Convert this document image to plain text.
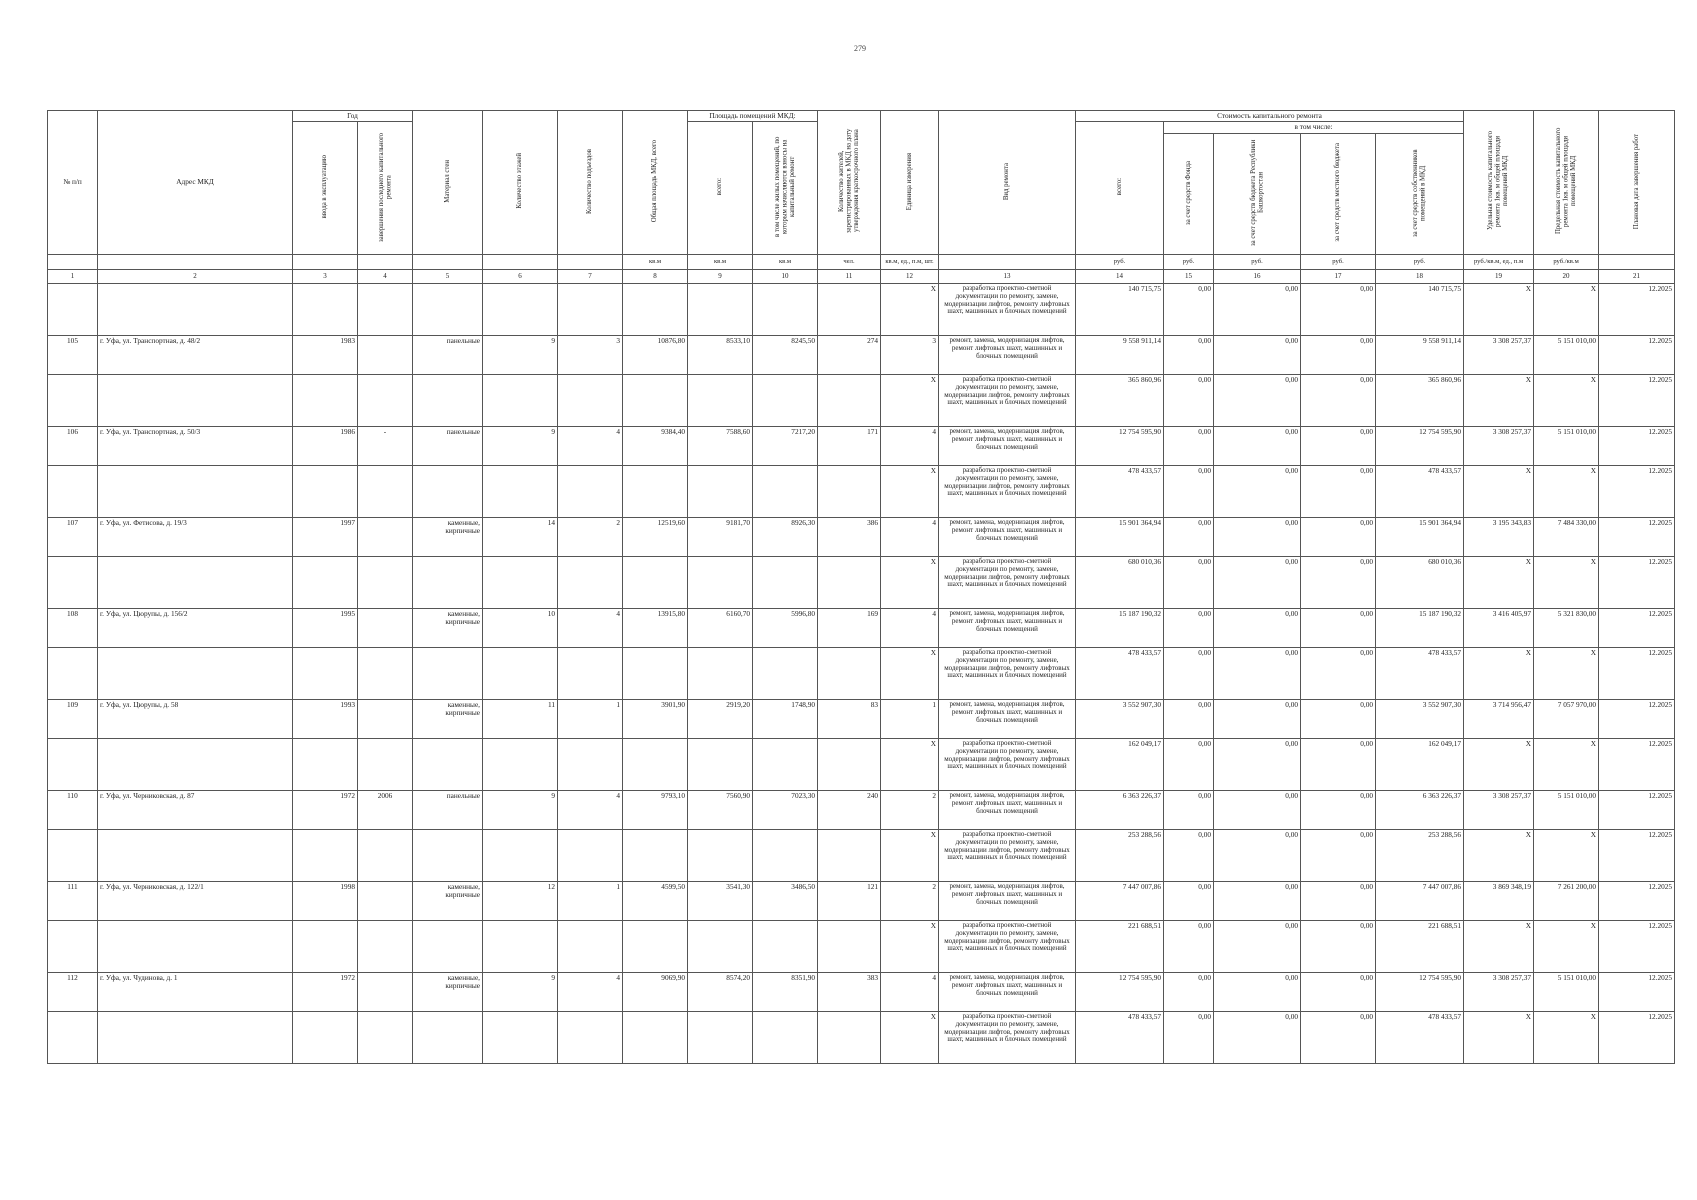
279
№ п/п	Адрес МКД	Год		Материал стен	Количество этажей	Количество подъездов	Общая площадь МКД, всего	Площадь помещений МКД:		Количество жителей, зарегистрированных в МКД на дату утверждения краткосрочного плана	Единица измерения	Вид ремонта	Стоимость капитального ремонта					Удельная стоимость капитального ремонта 1кв. м общей площади помещений МКД	Предельная стоимость капитального ремонта 1кв. м общей площади помещений МКД	Плановая дата завершения работ
		ввода в эксплуатацию	завершения последнего капитального ремонта					всего:	в том числе жилых помещений, по которым начисляются взносы на капитальный ремонт				всего:	в том числе:						
														за счет средств Фонда	за счет средств бюджета Республики Башкортостан	за счет средств местного бюджета	за счет средств собственников помещений в МКД			
							кв.м	кв.м	кв.м	чел.	кв.м, ед., п.м, шт.		руб.	руб.	руб.	руб.	руб.	руб./кв.м, ед., п.м	руб./кв.м	
1	2	3	4	5	6	7	8	9	10	11	12	13	14	15	16	17	18	19	20	21
											X	разработка проектно-сметной документации по ремонту, замене, модернизации лифтов, ремонту лифтовых шахт, машинных и блочных помещений	140 715,75	0,00	0,00	0,00	140 715,75	X	X	12.2025
105	г. Уфа, ул. Транспортная, д. 48/2	1983		панельные	9	3	10876,80	8533,10	8245,50	274	3	ремонт, замена, модернизация лифтов, ремонт лифтовых шахт, машинных и блочных помещений	9 558 911,14	0,00	0,00	0,00	9 558 911,14	3 308 257,37	5 151 010,00	12.2025
											X	разработка проектно-сметной документации по ремонту, замене, модернизации лифтов, ремонту лифтовых шахт, машинных и блочных помещений	365 860,96	0,00	0,00	0,00	365 860,96	X	X	12.2025
106	г. Уфа, ул. Транспортная, д. 50/3	1986	-	панельные	9	4	9384,40	7588,60	7217,20	171	4	ремонт, замена, модернизация лифтов, ремонт лифтовых шахт, машинных и блочных помещений	12 754 595,90	0,00	0,00	0,00	12 754 595,90	3 308 257,37	5 151 010,00	12.2025
											X	разработка проектно-сметной документации по ремонту, замене, модернизации лифтов, ремонту лифтовых шахт, машинных и блочных помещений	478 433,57	0,00	0,00	0,00	478 433,57	X	X	12.2025
107	г. Уфа, ул. Фетисова, д. 19/3	1997		каменные, кирпичные	14	2	12519,60	9181,70	8926,30	386	4	ремонт, замена, модернизация лифтов, ремонт лифтовых шахт, машинных и блочных помещений	15 901 364,94	0,00	0,00	0,00	15 901 364,94	3 195 343,83	7 484 330,00	12.2025
											X	разработка проектно-сметной документации по ремонту, замене, модернизации лифтов, ремонту лифтовых шахт, машинных и блочных помещений	680 010,36	0,00	0,00	0,00	680 010,36	X	X	12.2025
108	г. Уфа, ул. Цюрупы, д. 156/2	1995		каменные, кирпичные	10	4	13915,80	6160,70	5996,80	169	4	ремонт, замена, модернизация лифтов, ремонт лифтовых шахт, машинных и блочных помещений	15 187 190,32	0,00	0,00	0,00	15 187 190,32	3 416 405,97	5 321 830,00	12.2025
											X	разработка проектно-сметной документации по ремонту, замене, модернизации лифтов, ремонту лифтовых шахт, машинных и блочных помещений	478 433,57	0,00	0,00	0,00	478 433,57	X	X	12.2025
109	г. Уфа, ул. Цюрупы, д. 58	1993		каменные, кирпичные	11	1	3901,90	2919,20	1748,90	83	1	ремонт, замена, модернизация лифтов, ремонт лифтовых шахт, машинных и блочных помещений	3 552 907,30	0,00	0,00	0,00	3 552 907,30	3 714 956,47	7 057 970,00	12.2025
											X	разработка проектно-сметной документации по ремонту, замене, модернизации лифтов, ремонту лифтовых шахт, машинных и блочных помещений	162 049,17	0,00	0,00	0,00	162 049,17	X	X	12.2025
110	г. Уфа, ул. Черниковская, д. 87	1972	2006	панельные	9	4	9793,10	7560,90	7023,30	240	2	ремонт, замена, модернизация лифтов, ремонт лифтовых шахт, машинных и блочных помещений	6 363 226,37	0,00	0,00	0,00	6 363 226,37	3 308 257,37	5 151 010,00	12.2025
											X	разработка проектно-сметной документации по ремонту, замене, модернизации лифтов, ремонту лифтовых шахт, машинных и блочных помещений	253 288,56	0,00	0,00	0,00	253 288,56	X	X	12.2025
111	г. Уфа, ул. Черниковская, д. 122/1	1998		каменные, кирпичные	12	1	4599,50	3541,30	3486,50	121	2	ремонт, замена, модернизация лифтов, ремонт лифтовых шахт, машинных и блочных помещений	7 447 007,86	0,00	0,00	0,00	7 447 007,86	3 869 348,19	7 261 200,00	12.2025
											X	разработка проектно-сметной документации по ремонту, замене, модернизации лифтов, ремонту лифтовых шахт, машинных и блочных помещений	221 688,51	0,00	0,00	0,00	221 688,51	X	X	12.2025
112	г. Уфа, ул. Чудинова, д. 1	1972		каменные, кирпичные	9	4	9069,90	8574,20	8351,90	383	4	ремонт, замена, модернизация лифтов, ремонт лифтовых шахт, машинных и блочных помещений	12 754 595,90	0,00	0,00	0,00	12 754 595,90	3 308 257,37	5 151 010,00	12.2025
											X	разработка проектно-сметной документации по ремонту, замене, модернизации лифтов, ремонту лифтовых шахт, машинных и блочных помещений	478 433,57	0,00	0,00	0,00	478 433,57	X	X	12.2025
